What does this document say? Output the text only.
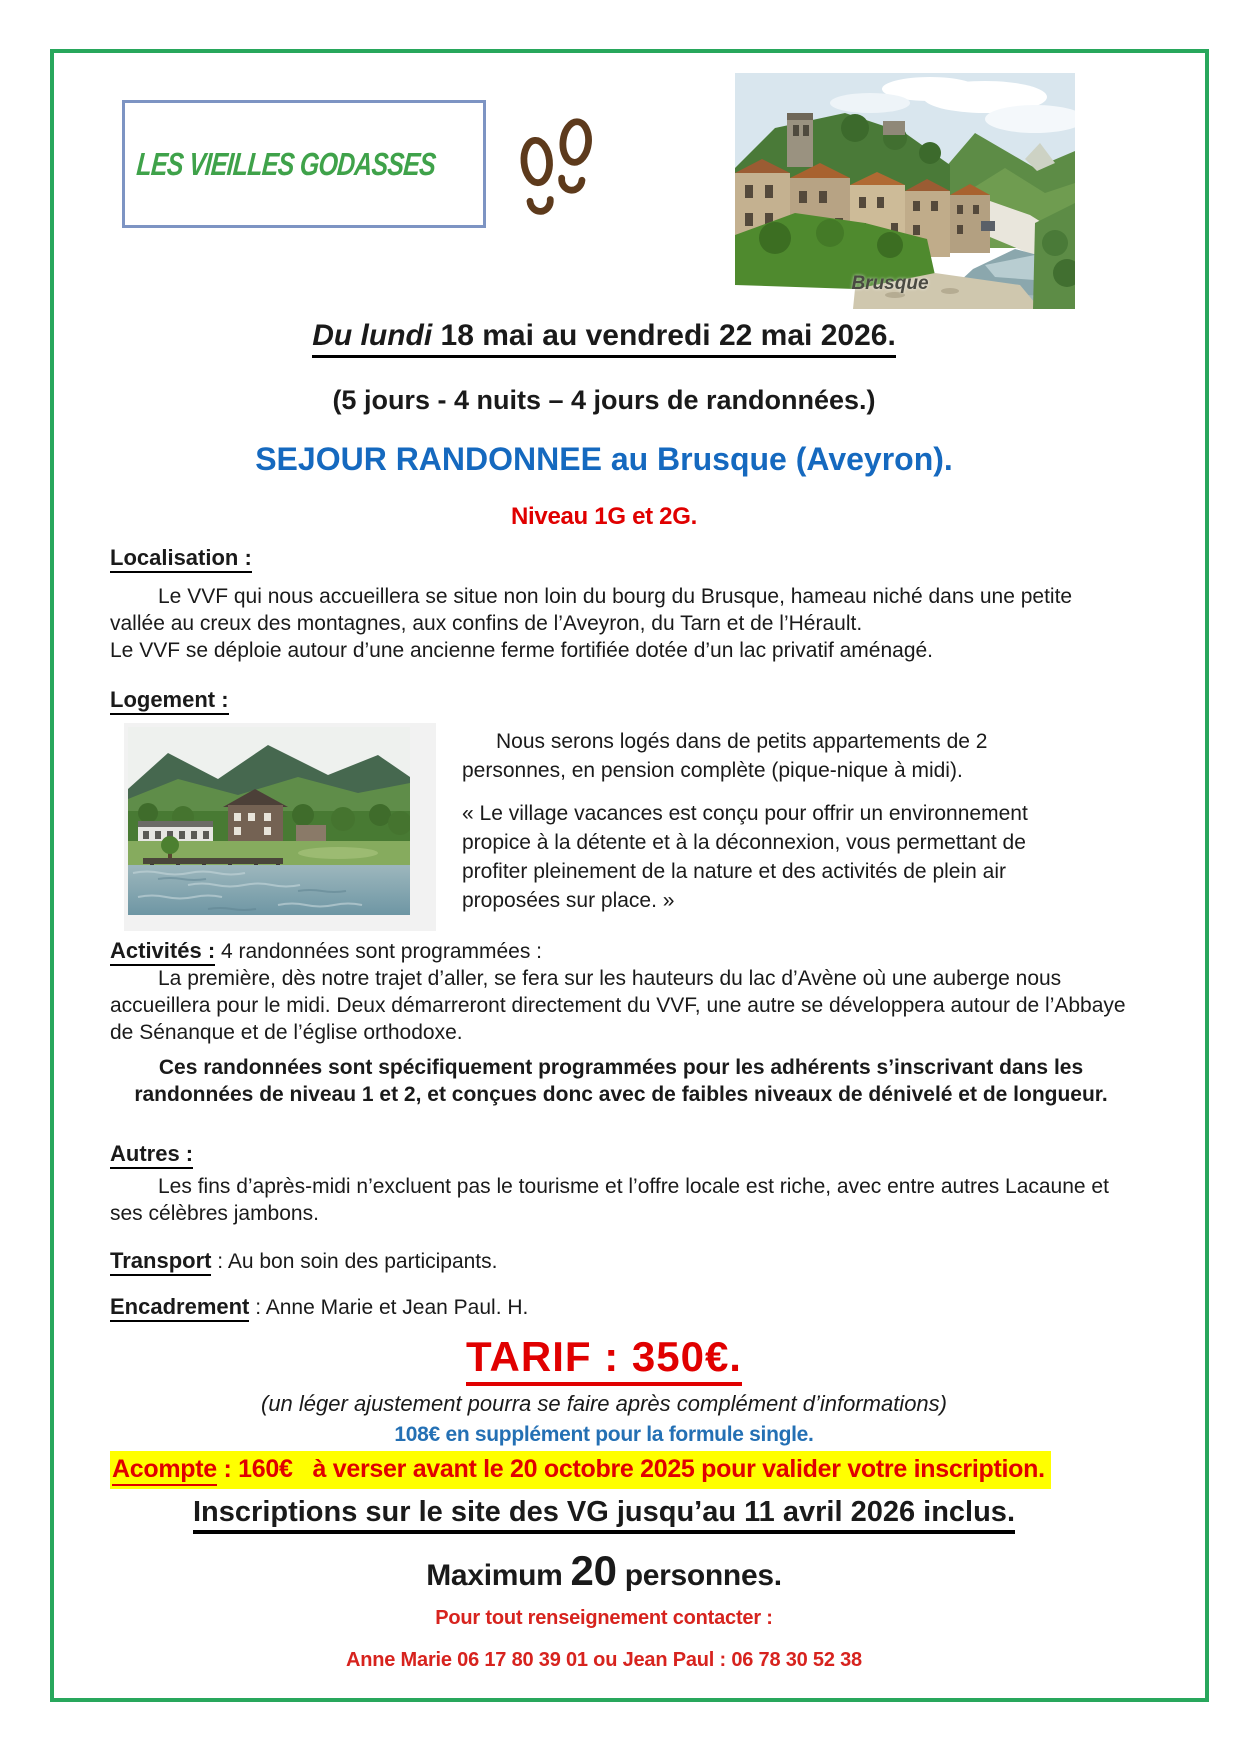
LES VIEILLES GODASSES
Brusque
Du lundi 18 mai au vendredi 22 mai 2026.
(5 jours - 4 nuits – 4 jours de randonnées.)
SEJOUR RANDONNEE au Brusque (Aveyron).
Niveau 1G et 2G.
Localisation :

Le VVF qui nous accueillera se situe non loin du bourg du Brusque, hameau niché dans une petite vallée au creux des montagnes, aux confins de l’Aveyron, du Tarn et de l’Hérault.

Le VVF se déploie autour d’une ancienne ferme fortifiée dotée d’un lac privatif aménagé.

Logement :

Nous serons logés dans de petits appartements de 2 personnes, en pension complète (pique-nique à midi).

« Le village vacances est conçu pour offrir un environnement propice à la détente et à la déconnexion, vous permettant de profiter pleinement de la nature et des activités de plein air proposées sur place. »

Activités : 4 randonnées sont programmées :

La première, dès notre trajet d’aller, se fera sur les hauteurs du lac d’Avène où une auberge nous accueillera pour le midi. Deux démarreront directement du VVF, une autre se développera autour de l’Abbaye de Sénanque et de l’église orthodoxe.

Ces randonnées sont spécifiquement programmées pour les adhérents s’inscrivant dans les randonnées de niveau 1 et 2, et conçues donc avec de faibles niveaux de dénivelé et de longueur.

Autres :

Les fins d’après-midi n’excluent pas le tourisme et l’offre locale est riche, avec entre autres Lacaune et ses célèbres jambons.

Transport : Au bon soin des participants.
Encadrement : Anne Marie et Jean Paul. H.
TARIF : 350€.
(un léger ajustement pourra se faire après complément d’informations)
108€ en supplément pour la formule single.
Acompte : 160€   à verser avant le 20 octobre 2025 pour valider votre inscription.
Inscriptions sur le site des VG jusqu’au 11 avril 2026 inclus.
Maximum 20 personnes.
Pour tout renseignement contacter :
Anne Marie 06 17 80 39 01 ou Jean Paul : 06 78 30 52 38
